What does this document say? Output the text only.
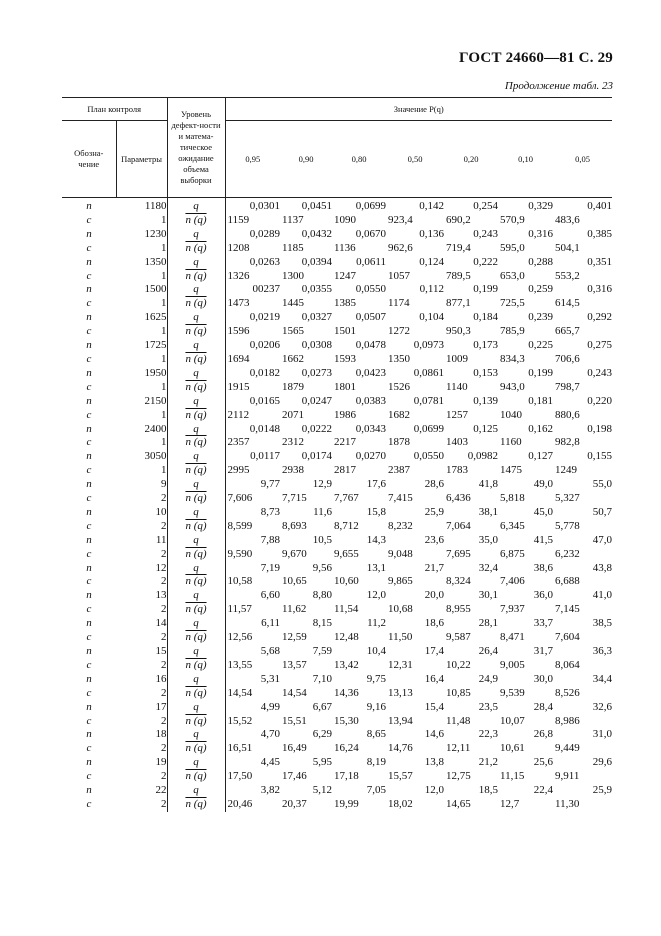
ГОСТ 24660—81 С. 29
Продолжение табл. 23
План контроля		Уровень дефект-ности и матема-тическое ожидание объема выборки	Значение P(q)						
Обозна-
чение	Параметры		0,95	0,90	0,80	0,50	0,20	0,10	0,05
n	1180	q	0,0301	0,0451	0,0699	0,142	0,254	0,329	0,401
c	1	n (q)	1159	1137	1090	923,4	690,2	570,9	483,6
n	1230	q	0,0289	0,0432	0,0670	0,136	0,243	0,316	0,385
c	1	n (q)	1208	1185	1136	962,6	719,4	595,0	504,1
n	1350	q	0,0263	0,0394	0,0611	0,124	0,222	0,288	0,351
c	1	n (q)	1326	1300	1247	1057	789,5	653,0	553,2
n	1500	q	00237	0,0355	0,0550	0,112	0,199	0,259	0,316
c	1	n (q)	1473	1445	1385	1174	877,1	725,5	614,5
n	1625	q	0,0219	0,0327	0,0507	0,104	0,184	0,239	0,292
c	1	n (q)	1596	1565	1501	1272	950,3	785,9	665,7
n	1725	q	0,0206	0,0308	0,0478	0,0973	0,173	0,225	0,275
c	1	n (q)	1694	1662	1593	1350	1009	834,3	706,6
n	1950	q	0,0182	0,0273	0,0423	0,0861	0,153	0,199	0,243
c	1	n (q)	1915	1879	1801	1526	1140	943,0	798,7
n	2150	q	0,0165	0,0247	0,0383	0,0781	0,139	0,181	0,220
c	1	n (q)	2112	2071	1986	1682	1257	1040	880,6
n	2400	q	0,0148	0,0222	0,0343	0,0699	0,125	0,162	0,198
c	1	n (q)	2357	2312	2217	1878	1403	1160	982,8
n	3050	q	0,0117	0,0174	0,0270	0,0550	0,0982	0,127	0,155
c	1	n (q)	2995	2938	2817	2387	1783	1475	1249
n	9	q	9,77	12,9	17,6	28,6	41,8	49,0	55,0
c	2	n (q)	7,606	7,715	7,767	7,415	6,436	5,818	5,327
n	10	q	8,73	11,6	15,8	25,9	38,1	45,0	50,7
c	2	n (q)	8,599	8,693	8,712	8,232	7,064	6,345	5,778
n	11	q	7,88	10,5	14,3	23,6	35,0	41,5	47,0
c	2	n (q)	9,590	9,670	9,655	9,048	7,695	6,875	6,232
n	12	q	7,19	9,56	13,1	21,7	32,4	38,6	43,8
c	2	n (q)	10,58	10,65	10,60	9,865	8,324	7,406	6,688
n	13	q	6,60	8,80	12,0	20,0	30,1	36,0	41,0
c	2	n (q)	11,57	11,62	11,54	10,68	8,955	7,937	7,145
n	14	q	6,11	8,15	11,2	18,6	28,1	33,7	38,5
c	2	n (q)	12,56	12,59	12,48	11,50	9,587	8,471	7,604
n	15	q	5,68	7,59	10,4	17,4	26,4	31,7	36,3
c	2	n (q)	13,55	13,57	13,42	12,31	10,22	9,005	8,064
n	16	q	5,31	7,10	9,75	16,4	24,9	30,0	34,4
c	2	n (q)	14,54	14,54	14,36	13,13	10,85	9,539	8,526
n	17	q	4,99	6,67	9,16	15,4	23,5	28,4	32,6
c	2	n (q)	15,52	15,51	15,30	13,94	11,48	10,07	8,986
n	18	q	4,70	6,29	8,65	14,6	22,3	26,8	31,0
c	2	n (q)	16,51	16,49	16,24	14,76	12,11	10,61	9,449
n	19	q	4,45	5,95	8,19	13,8	21,2	25,6	29,6
c	2	n (q)	17,50	17,46	17,18	15,57	12,75	11,15	9,911
n	22	q	3,82	5,12	7,05	12,0	18,5	22,4	25,9
c	2	n (q)	20,46	20,37	19,99	18,02	14,65	12,7	11,30
